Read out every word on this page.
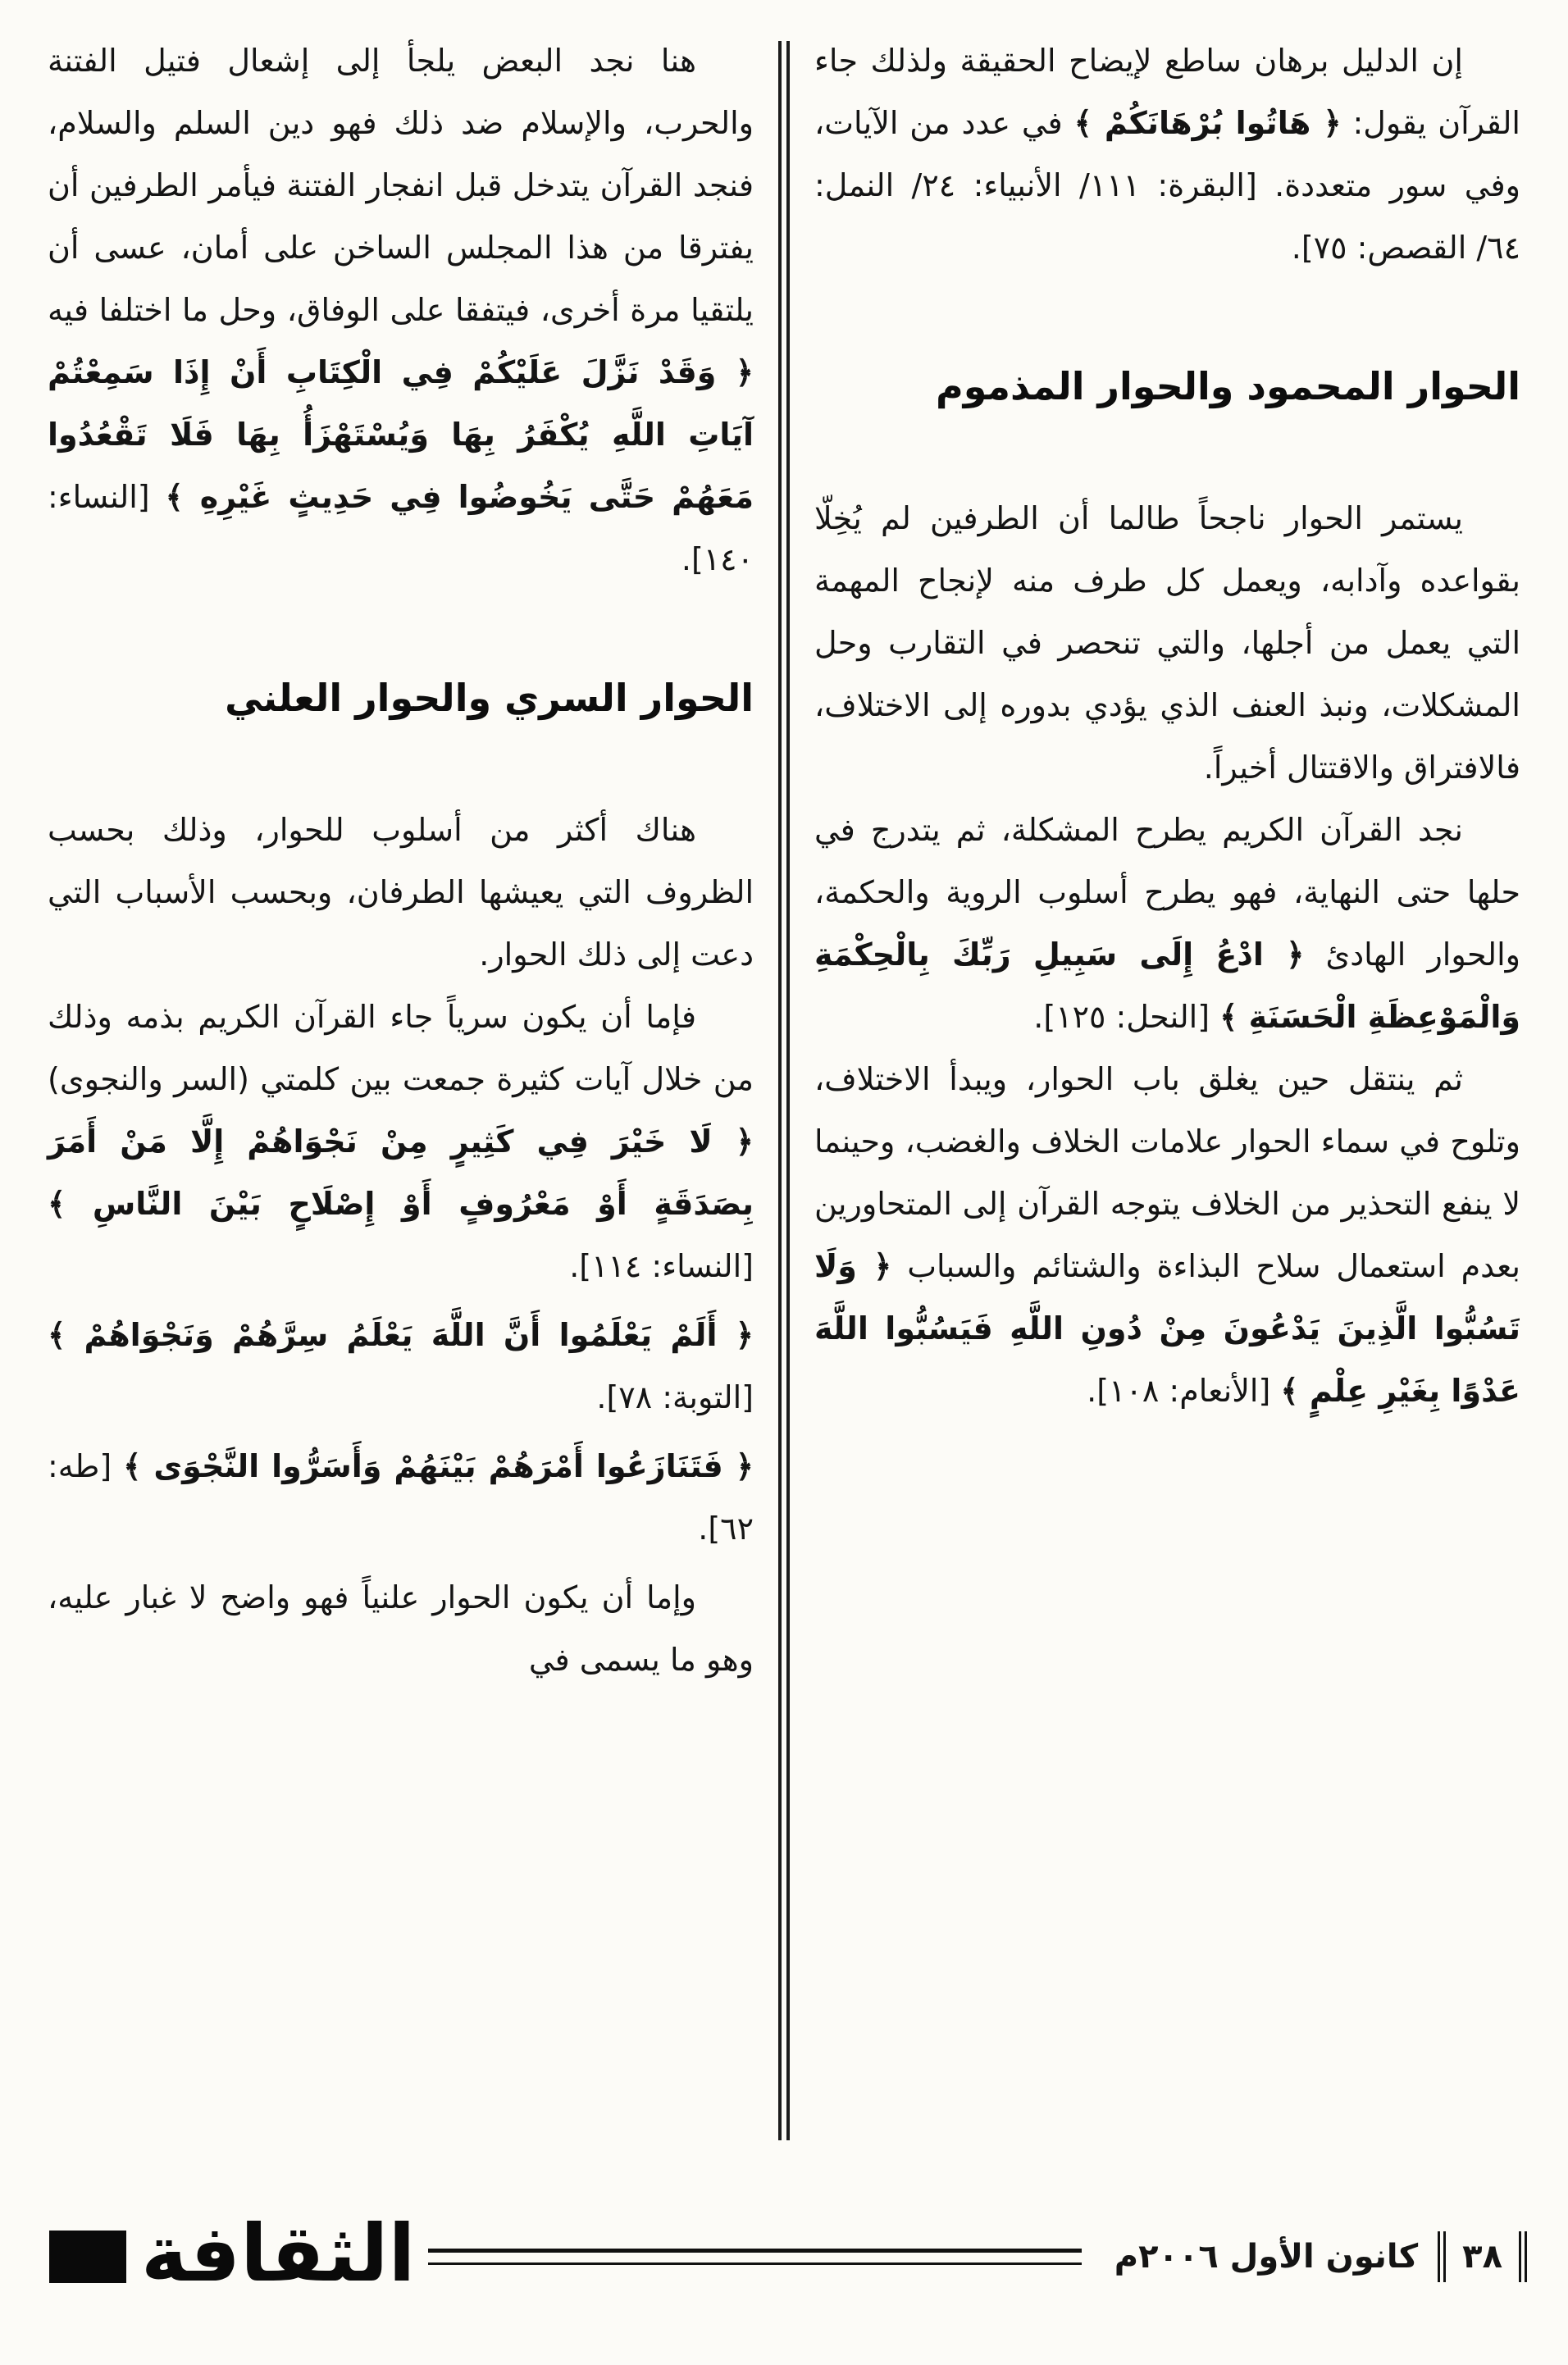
إن الدليل برهان ساطع لإيضاح الحقيقة ولذلك جاء القرآن يقول: ﴿ هَاتُوا بُرْهَانَكُمْ ﴾ في عدد من الآيات، وفي سور متعددة. [البقرة: ١١١/ الأنبياء: ٢٤/ النمل: ٦٤/ القصص: ٧٥].

الحوار المحمود والحوار المذموم

يستمر الحوار ناجحاً طالما أن الطرفين لم يُخِلّا بقواعده وآدابه، ويعمل كل طرف منه لإنجاح المهمة التي يعمل من أجلها، والتي تنحصر في التقارب وحل المشكلات، ونبذ العنف الذي يؤدي بدوره إلى الاختلاف، فالافتراق والاقتتال أخيراً.

نجد القرآن الكريم يطرح المشكلة، ثم يتدرج في حلها حتى النهاية، فهو يطرح أسلوب الروية والحكمة، والحوار الهادئ ﴿ ادْعُ إِلَى سَبِيلِ رَبِّكَ بِالْحِكْمَةِ وَالْمَوْعِظَةِ الْحَسَنَةِ ﴾ [النحل: ١٢٥].

ثم ينتقل حين يغلق باب الحوار، ويبدأ الاختلاف، وتلوح في سماء الحوار علامات الخلاف والغضب، وحينما لا ينفع التحذير من الخلاف يتوجه القرآن إلى المتحاورين بعدم استعمال سلاح البذاءة والشتائم والسباب ﴿ وَلَا تَسُبُّوا الَّذِينَ يَدْعُونَ مِنْ دُونِ اللَّهِ فَيَسُبُّوا اللَّهَ عَدْوًا بِغَيْرِ عِلْمٍ ﴾ [الأنعام: ١٠٨].

هنا نجد البعض يلجأ إلى إشعال فتيل الفتنة والحرب، والإسلام ضد ذلك فهو دين السلم والسلام، فنجد القرآن يتدخل قبل انفجار الفتنة فيأمر الطرفين أن يفترقا من هذا المجلس الساخن على أمان، عسى أن يلتقيا مرة أخرى، فيتفقا على الوفاق، وحل ما اختلفا فيه ﴿ وَقَدْ نَزَّلَ عَلَيْكُمْ فِي الْكِتَابِ أَنْ إِذَا سَمِعْتُمْ آيَاتِ اللَّهِ يُكْفَرُ بِهَا وَيُسْتَهْزَأُ بِهَا فَلَا تَقْعُدُوا مَعَهُمْ حَتَّى يَخُوضُوا فِي حَدِيثٍ غَيْرِهِ ﴾ [النساء: ١٤٠].

الحوار السري والحوار العلني

هناك أكثر من أسلوب للحوار، وذلك بحسب الظروف التي يعيشها الطرفان، وبحسب الأسباب التي دعت إلى ذلك الحوار.

فإما أن يكون سرياً جاء القرآن الكريم بذمه وذلك من خلال آيات كثيرة جمعت بين كلمتي (السر والنجوى) ﴿ لَا خَيْرَ فِي كَثِيرٍ مِنْ نَجْوَاهُمْ إِلَّا مَنْ أَمَرَ بِصَدَقَةٍ أَوْ مَعْرُوفٍ أَوْ إِصْلَاحٍ بَيْنَ النَّاسِ ﴾ [النساء: ١١٤].

﴿ أَلَمْ يَعْلَمُوا أَنَّ اللَّهَ يَعْلَمُ سِرَّهُمْ وَنَجْوَاهُمْ ﴾ [التوبة: ٧٨].

﴿ فَتَنَازَعُوا أَمْرَهُمْ بَيْنَهُمْ وَأَسَرُّوا النَّجْوَى ﴾ [طه: ٦٢].

وإما أن يكون الحوار علنياً فهو واضح لا غبار عليه، وهو ما يسمى في

٣٨
كانون الأول ٢٠٠٦م
الثقافة
